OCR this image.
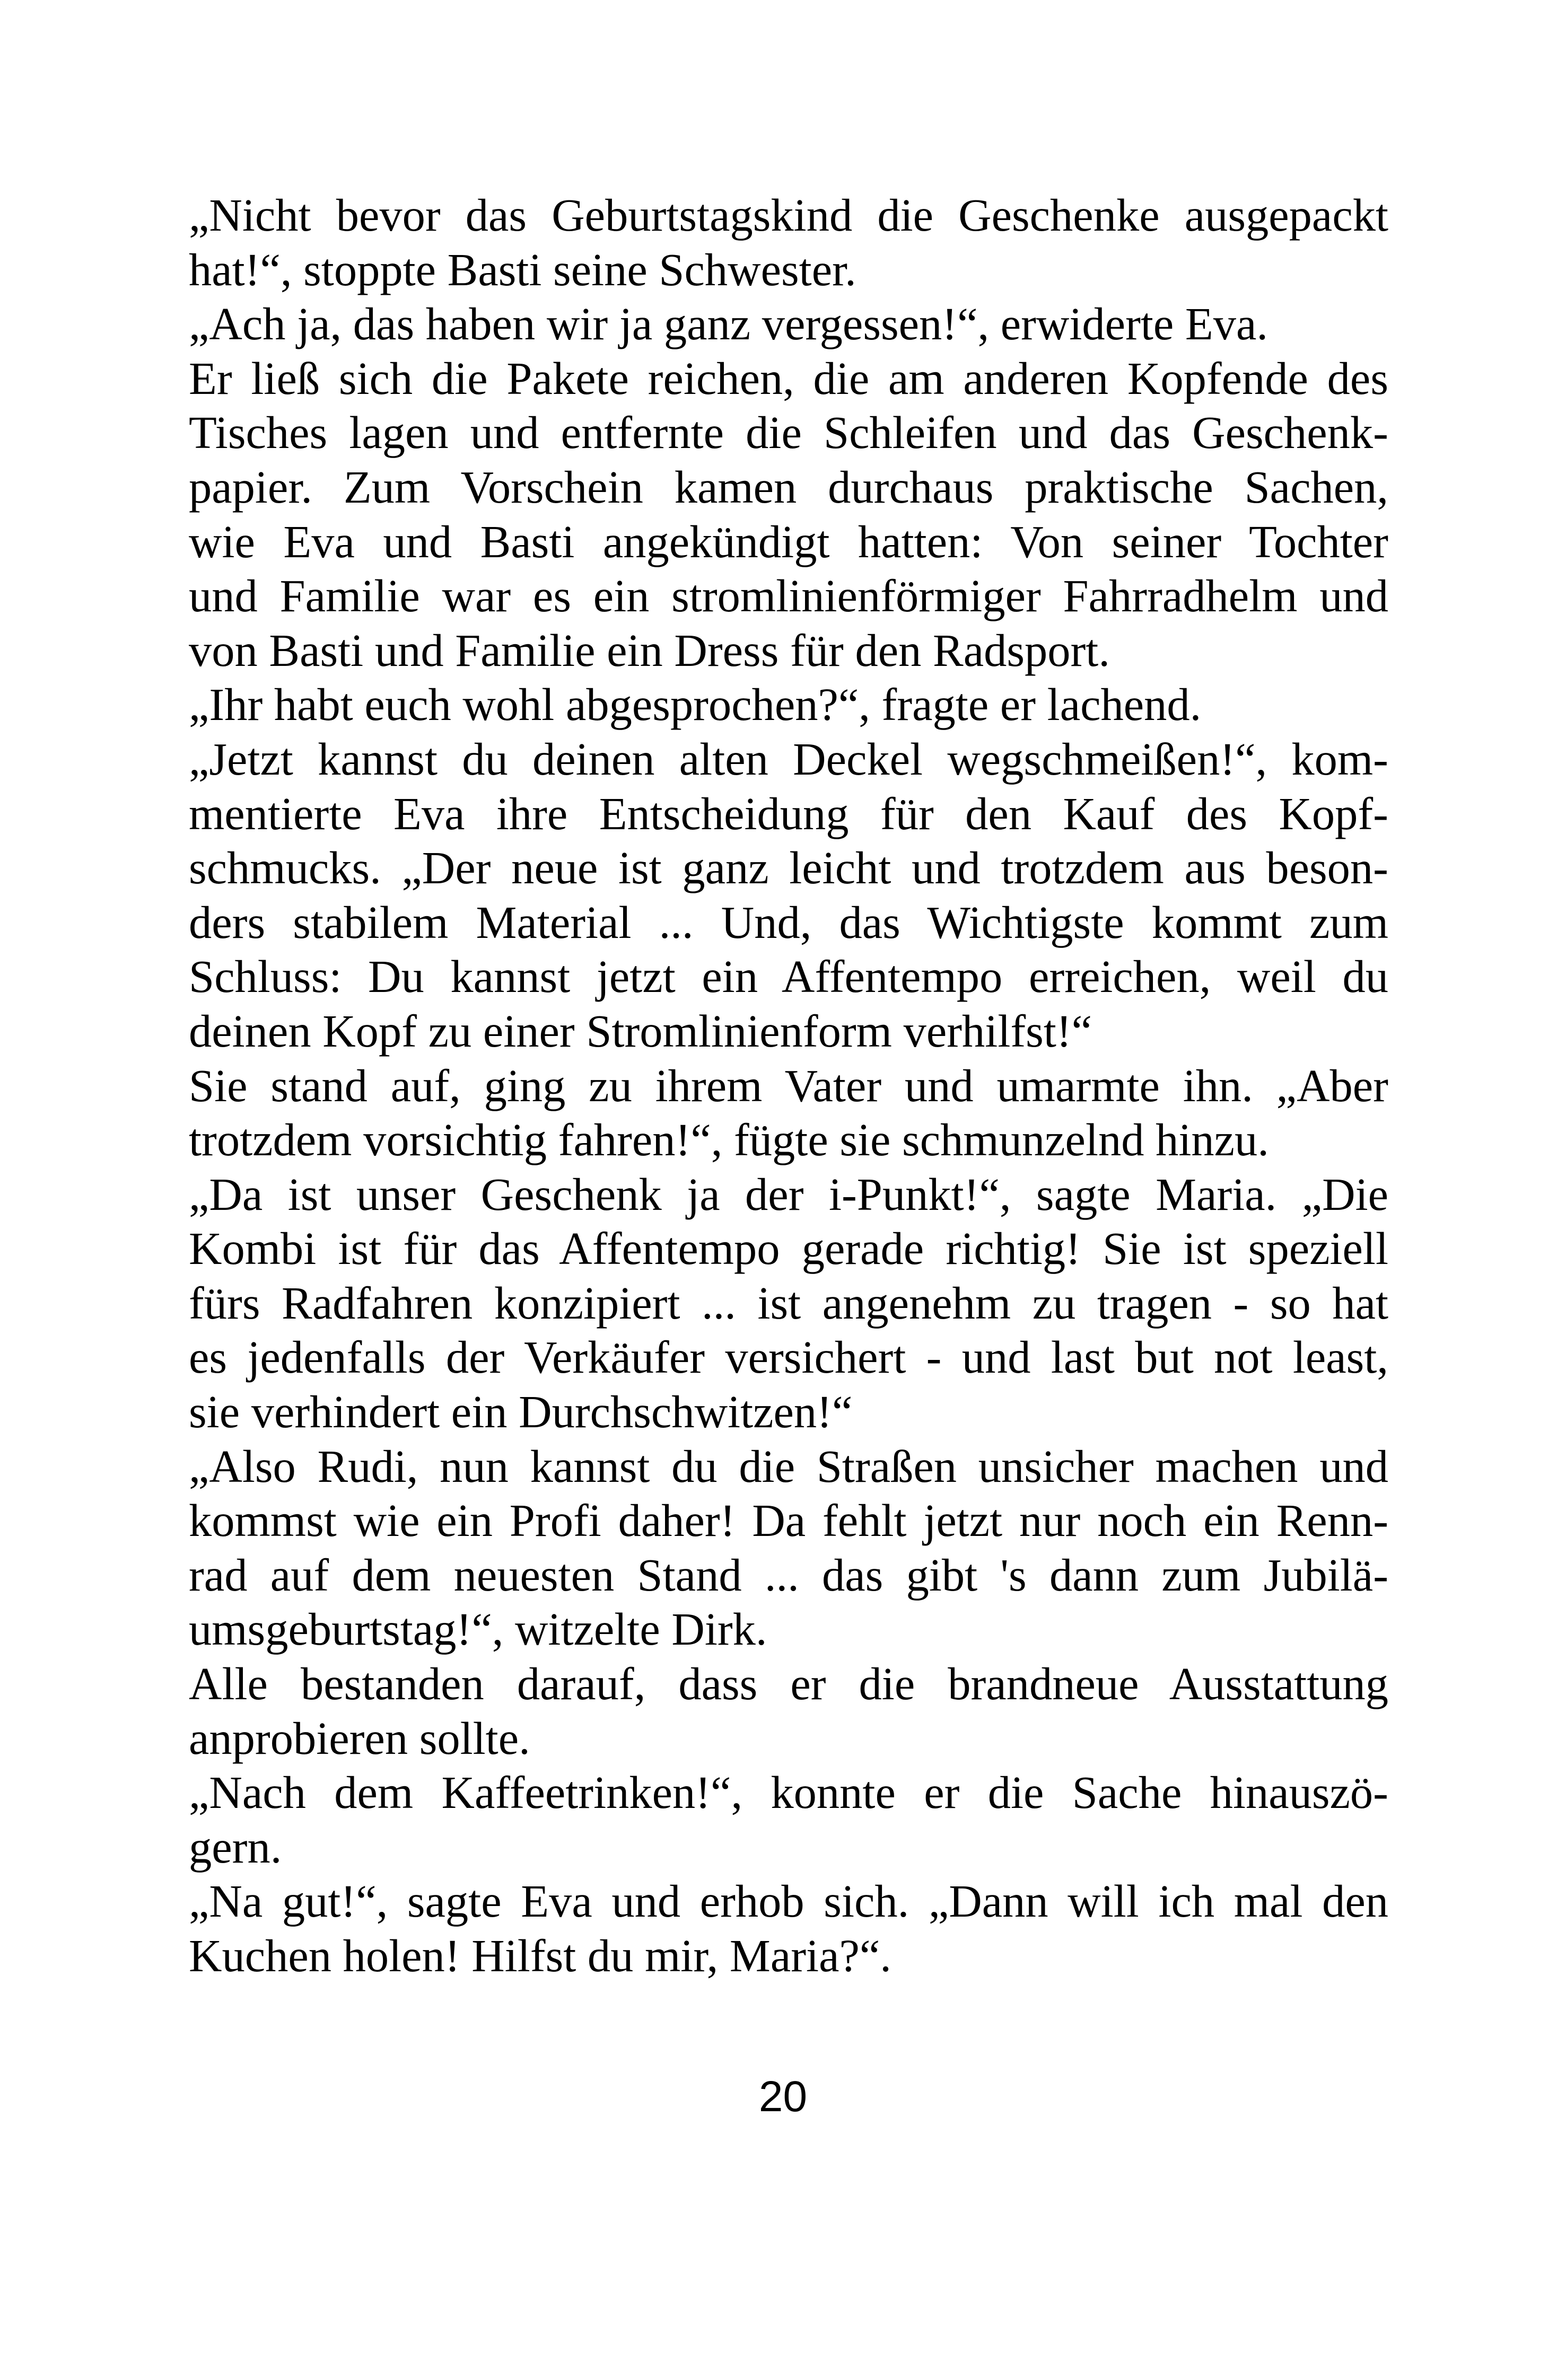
„Nicht bevor das Geburtstagskind die Geschenke ausgepackt
hat!“, stoppte Basti seine Schwester.
„Ach ja, das haben wir ja ganz vergessen!“, erwiderte Eva.
Er ließ sich die Pakete reichen, die am anderen Kopfende des
Tisches lagen und entfernte die Schleifen und das Geschenk-
papier. Zum Vorschein kamen durchaus praktische Sachen,
wie Eva und Basti angekündigt hatten: Von seiner Tochter
und Familie war es ein stromlinienförmiger Fahrradhelm und
von Basti und Familie ein Dress für den Radsport.
„Ihr habt euch wohl abgesprochen?“, fragte er lachend.
„Jetzt kannst du deinen alten Deckel wegschmeißen!“, kom-
mentierte Eva ihre Entscheidung für den Kauf des Kopf-
schmucks. „Der neue ist ganz leicht und trotzdem aus beson-
ders stabilem Material ... Und, das Wichtigste kommt zum
Schluss: Du kannst jetzt ein Affentempo erreichen, weil du
deinen Kopf zu einer Stromlinienform verhilfst!“
Sie stand auf, ging zu ihrem Vater und umarmte ihn. „Aber
trotzdem vorsichtig fahren!“, fügte sie schmunzelnd hinzu.
„Da ist unser Geschenk ja der i-Punkt!“, sagte Maria. „Die
Kombi ist für das Affentempo gerade richtig! Sie ist speziell
fürs Radfahren konzipiert ... ist angenehm zu tragen - so hat
es jedenfalls der Verkäufer versichert - und last but not least,
sie verhindert ein Durchschwitzen!“
„Also Rudi, nun kannst du die Straßen unsicher machen und
kommst wie ein Profi daher! Da fehlt jetzt nur noch ein Renn-
rad auf dem neuesten Stand ... das gibt 's dann zum Jubilä-
umsgeburtstag!“, witzelte Dirk.
Alle bestanden darauf, dass er die brandneue Ausstattung
anprobieren sollte.
„Nach dem Kaffeetrinken!“, konnte er die Sache hinauszö-
gern.
„Na gut!“, sagte Eva und erhob sich. „Dann will ich mal den
Kuchen holen! Hilfst du mir, Maria?“.
20
